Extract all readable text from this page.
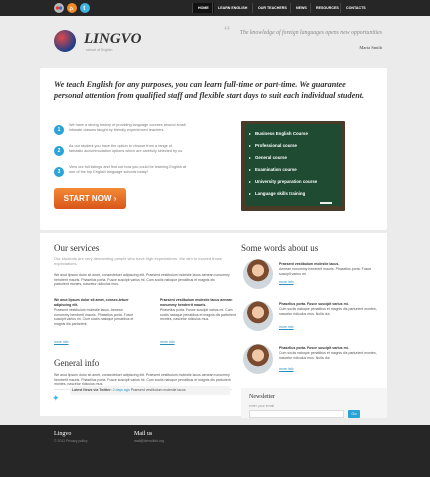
t	HOME	LEARN ENGLISH	OUR TEACHERS	NEWS	RESOURCES	CONTACTS
LINGVO
school of English
“	The knowledge of foreign languages opens new opportunities
Marta Smith
We teach English for any purposes, you can learn full-time or part-time. We guarantee personal attention from qualified staff and flexible start days to suit each individual student.
1
We have a strong history of providing language courses around small intimate classes taught by friendly experienced teachers.
2
As our student you have the option to choose from a range of fantastic accommodation options which are carefully selected by us.
3
View our full listings and find out how you could be learning English at one of the top English language schools today!
START NOW ›
▸ Business English Course
▸ Professional course
▸ General course
▸ Examination course
▸ University preparation course
▸ Language skills training
Our services
Our students are very demanding people who have high expectations. We aim to exceed those expectations.
We anut lipsum dolor sit amet, consectetuer adipiscing elit. Praesent vestibulum molestie lacus aenean nonummy hendrerit mauris. Phasellus porta. Fusce suscipit varius mi. Cum sociis natoque penatibus et magnis dis parturient montes, nascetur ridiculus mus.
We anut lipsum dolor sit amet, consec-tetuer adipiscing elit.
Praesent vestibulum molestie lacus. Aenean nonummy hendrerit mauris. Phasellus porta. Fusce suscipit varius mi. Cum sociis natoque penatibus et magnis dis parturient.
more info
Praesent vestibulum molestie lacus aenean nonummy hendrerit mauris.
Phasellus porta. Fusce suscipit varius mi. Cum sociis natoque penatibus et magnis dis parturient montes, nascetur ridiculus mus.
more info
General info
We anut lipsum dolor sit amet, consectetuer adipiscing elit. Praesent vestibulum molestie lacus aenean nonummy hendrerit mauris. Phasellus porta. Fusce suscipit varius mi. Cum sociis natoque penatibus et magnis dis parturient montes, nascetur ridiculus mus.
✦
Latest News via Twitter: 2 days ago Praesent vestibulum molestie lacus
Some words about us
Praesent vestibulum molestie lacus.
Aenean nonummy hendrerit mauris. Phasellus porta. Fusce suscipit varius mi.
more info
Phasellus porta. Fusce suscipit varius mi.
Cum sociis natoque penatibus et magnis dis parturient montes, nascetur ridiculus mus. Nulla dui.
more info
Phasellus porta. Fusce suscipit varius mi.
Cum sociis natoque penatibus et magnis dis parturient montes, nascetur ridiculus mus. Nulla dui.
more info
Newsletter
enter your email
Go
Lingvo
© 2011 Privacy policy
Mail us
mail@demolink.org
